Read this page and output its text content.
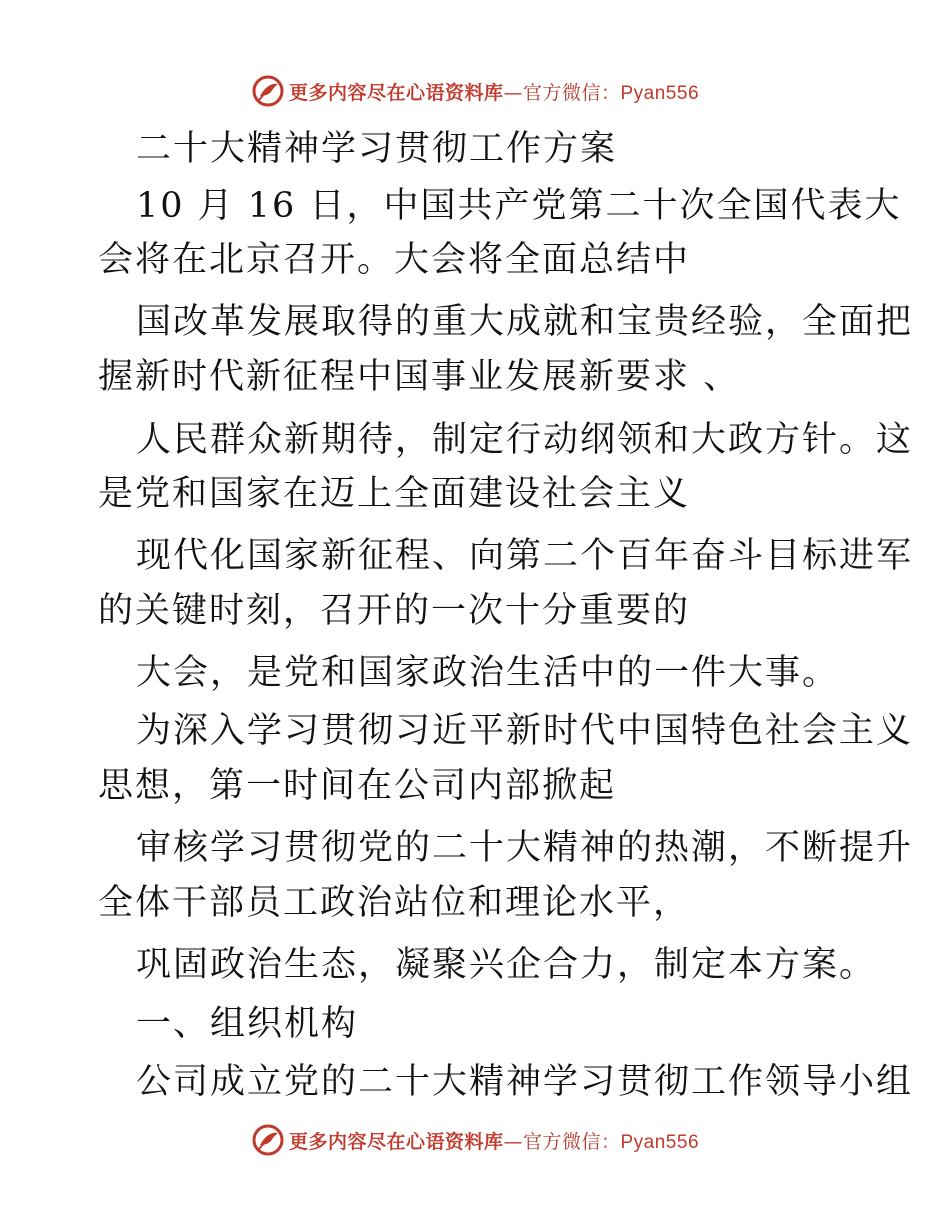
更多内容尽在心语资料库—官方微信：Pyan556
二十大精神学习贯彻工作方案
10 月 16 日，中国共产党第二十次全国代表大
会将在北京召开。大会将全面总结中
国改革发展取得的重大成就和宝贵经验，全面把
握新时代新征程中国事业发展新要求 、
人民群众新期待，制定行动纲领和大政方针。这
是党和国家在迈上全面建设社会主义
现代化国家新征程、向第二个百年奋斗目标进军
的关键时刻，召开的一次十分重要的
大会，是党和国家政治生活中的一件大事。
为深入学习贯彻习近平新时代中国特色社会主义
思想，第一时间在公司内部掀起
审核学习贯彻党的二十大精神的热潮，不断提升
全体干部员工政治站位和理论水平，
巩固政治生态，凝聚兴企合力，制定本方案。
一、组织机构
公司成立党的二十大精神学习贯彻工作领导小组
更多内容尽在心语资料库—官方微信：Pyan556
